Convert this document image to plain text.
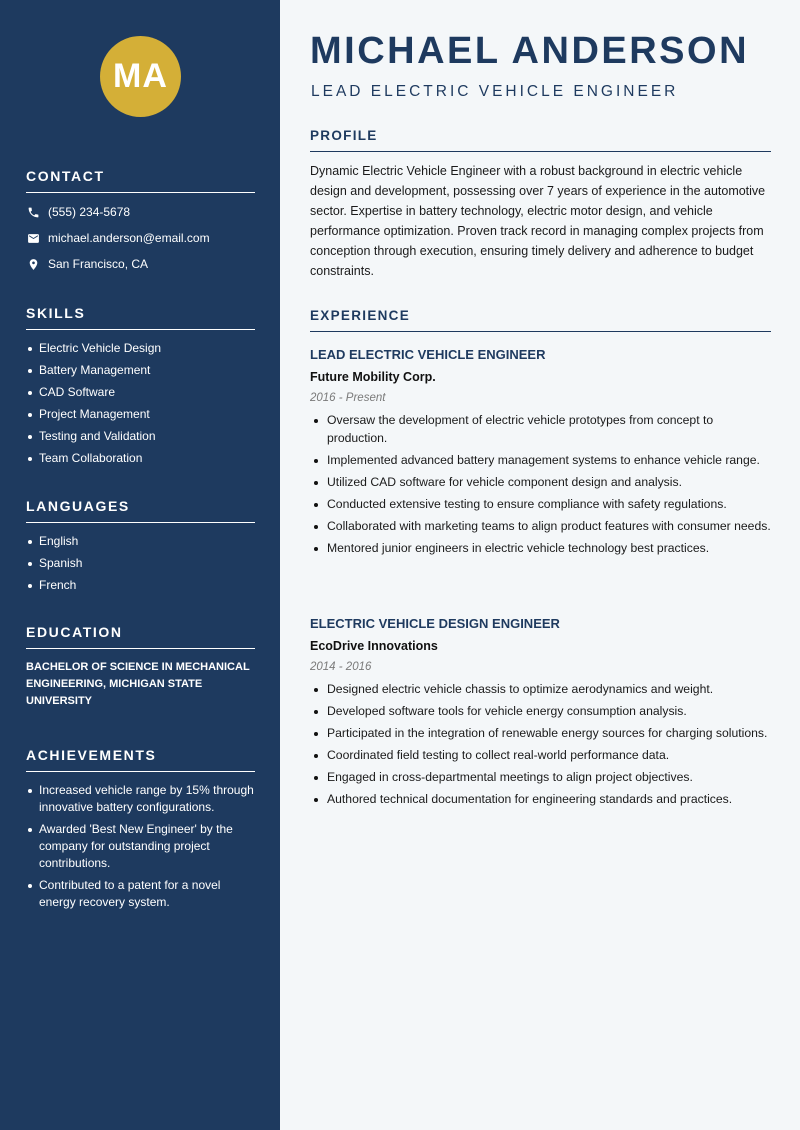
MA
CONTACT
(555) 234-5678
michael.anderson@email.com
San Francisco, CA
SKILLS
Electric Vehicle Design
Battery Management
CAD Software
Project Management
Testing and Validation
Team Collaboration
LANGUAGES
English
Spanish
French
EDUCATION
BACHELOR OF SCIENCE IN MECHANICAL ENGINEERING, MICHIGAN STATE UNIVERSITY
ACHIEVEMENTS
Increased vehicle range by 15% through innovative battery configurations.
Awarded 'Best New Engineer' by the company for outstanding project contributions.
Contributed to a patent for a novel energy recovery system.
MICHAEL ANDERSON
LEAD ELECTRIC VEHICLE ENGINEER
PROFILE
Dynamic Electric Vehicle Engineer with a robust background in electric vehicle design and development, possessing over 7 years of experience in the automotive sector. Expertise in battery technology, electric motor design, and vehicle performance optimization. Proven track record in managing complex projects from conception through execution, ensuring timely delivery and adherence to budget constraints.
EXPERIENCE
LEAD ELECTRIC VEHICLE ENGINEER
Future Mobility Corp.
2016 - Present
Oversaw the development of electric vehicle prototypes from concept to production.
Implemented advanced battery management systems to enhance vehicle range.
Utilized CAD software for vehicle component design and analysis.
Conducted extensive testing to ensure compliance with safety regulations.
Collaborated with marketing teams to align product features with consumer needs.
Mentored junior engineers in electric vehicle technology best practices.
ELECTRIC VEHICLE DESIGN ENGINEER
EcoDrive Innovations
2014 - 2016
Designed electric vehicle chassis to optimize aerodynamics and weight.
Developed software tools for vehicle energy consumption analysis.
Participated in the integration of renewable energy sources for charging solutions.
Coordinated field testing to collect real-world performance data.
Engaged in cross-departmental meetings to align project objectives.
Authored technical documentation for engineering standards and practices.
